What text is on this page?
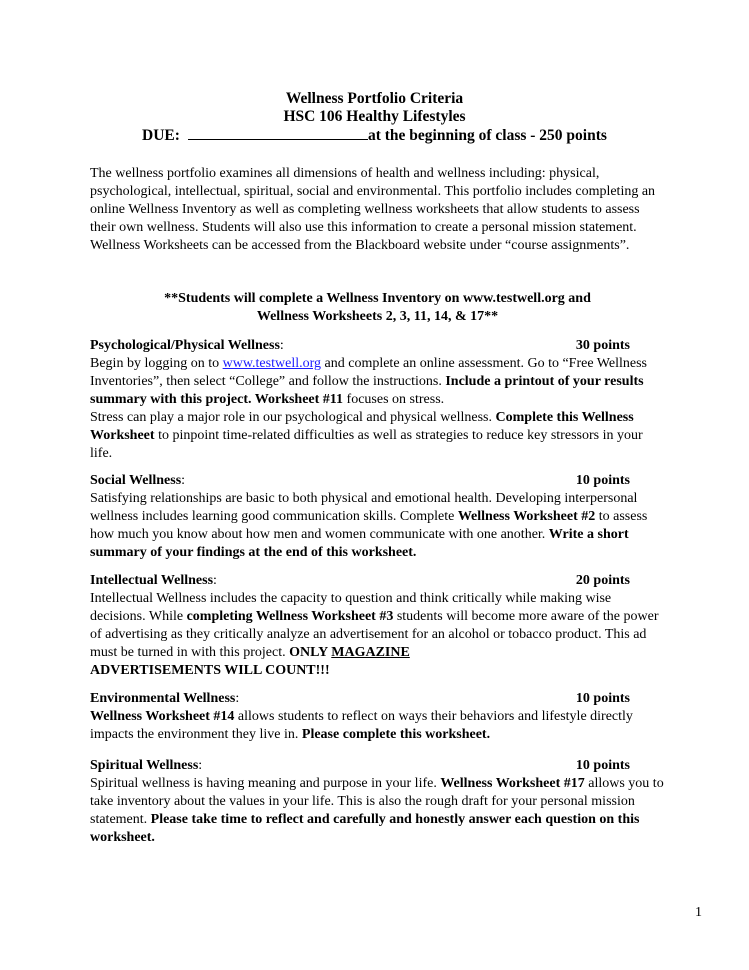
Wellness Portfolio Criteria
HSC 106 Healthy Lifestyles
DUE:	at the beginning of class - 250 points
The wellness portfolio examines all dimensions of health and wellness including: physical, psychological, intellectual, spiritual, social and environmental. This portfolio includes completing an online Wellness Inventory as well as completing wellness worksheets that allow students to assess their own wellness. Students will also use this information to create a personal mission statement. Wellness Worksheets can be accessed from the Blackboard website under “course assignments”.
**Students will complete a Wellness Inventory on www.testwell.org and
Wellness Worksheets 2, 3, 11, 14, & 17**
Psychological/Physical Wellness:	30 points
Begin by logging on to www.testwell.org and complete an online assessment. Go to “Free Wellness Inventories”, then select “College” and follow the instructions. Include a printout of your results summary with this project. Worksheet #11 focuses on stress.
Stress can play a major role in our psychological and physical wellness. Complete this Wellness Worksheet to pinpoint time-related difficulties as well as strategies to reduce key stressors in your life.
Social Wellness:	10 points
Satisfying relationships are basic to both physical and emotional health. Developing interpersonal wellness includes learning good communication skills. Complete Wellness Worksheet #2 to assess how much you know about how men and women communicate with one another. Write a short summary of your findings at the end of this worksheet.
Intellectual Wellness:	20 points
Intellectual Wellness includes the capacity to question and think critically while making wise decisions. While completing Wellness Worksheet #3 students will become more aware of the power of advertising as they critically analyze an advertisement for an alcohol or tobacco product. This ad must be turned in with this project. ONLY MAGAZINE
ADVERTISEMENTS WILL COUNT!!!
Environmental Wellness:	10 points
Wellness Worksheet #14 allows students to reflect on ways their behaviors and lifestyle directly impacts the environment they live in. Please complete this worksheet.
Spiritual Wellness:	10 points
Spiritual wellness is having meaning and purpose in your life. Wellness Worksheet #17 allows you to take inventory about the values in your life. This is also the rough draft for your personal mission statement. Please take time to reflect and carefully and honestly answer each question on this worksheet.
1
